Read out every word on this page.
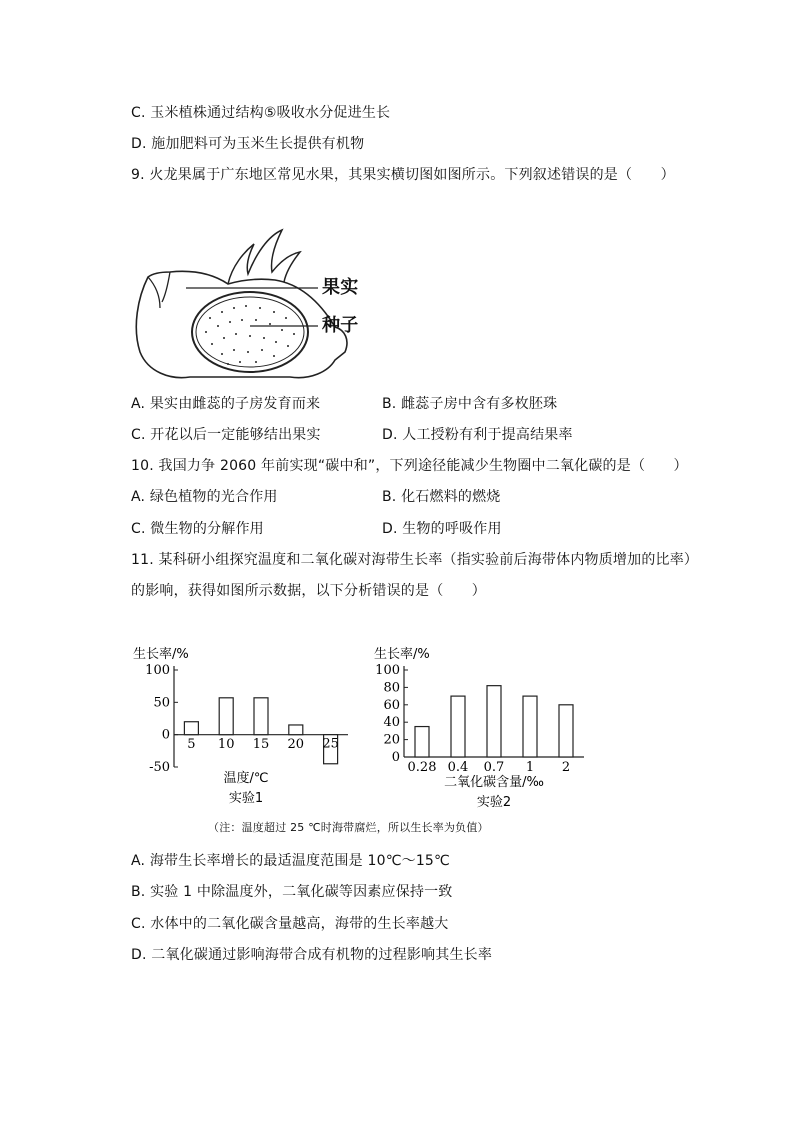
C. 玉米植株通过结构⑤吸收水分促进生长
D. 施加肥料可为玉米生长提供有机物
9. 火龙果属于广东地区常见水果，其果实横切图如图所示。下列叙述错误的是（　　）
果实
种子
A. 果实由雌蕊的子房发育而来	B. 雌蕊子房中含有多枚胚珠
C. 开花以后一定能够结出果实	D. 人工授粉有利于提高结果率
10. 我国力争 2060 年前实现“碳中和”，下列途径能减少生物圈中二氧化碳的是（　　）
A. 绿色植物的光合作用	B. 化石燃料的燃烧
C. 微生物的分解作用	D. 生物的呼吸作用
11. 某科研小组探究温度和二氧化碳对海带生长率（指实验前后海带体内物质增加的比率）
的影响，获得如图所示数据，以下分析错误的是（　　）
生长率/%
100
50
0
-50
5 10 15 20 25
温度/℃
实验1
生长率/%
100
80
60
40
20
0
0.28 0.4 0.7 1 2
二氧化碳含量/‰
实验2
（注：温度超过 25 ℃时海带腐烂，所以生长率为负值）
A. 海带生长率增长的最适温度范围是 10℃～15℃
B. 实验 1 中除温度外，二氧化碳等因素应保持一致
C. 水体中的二氧化碳含量越高，海带的生长率越大
D. 二氧化碳通过影响海带合成有机物的过程影响其生长率
